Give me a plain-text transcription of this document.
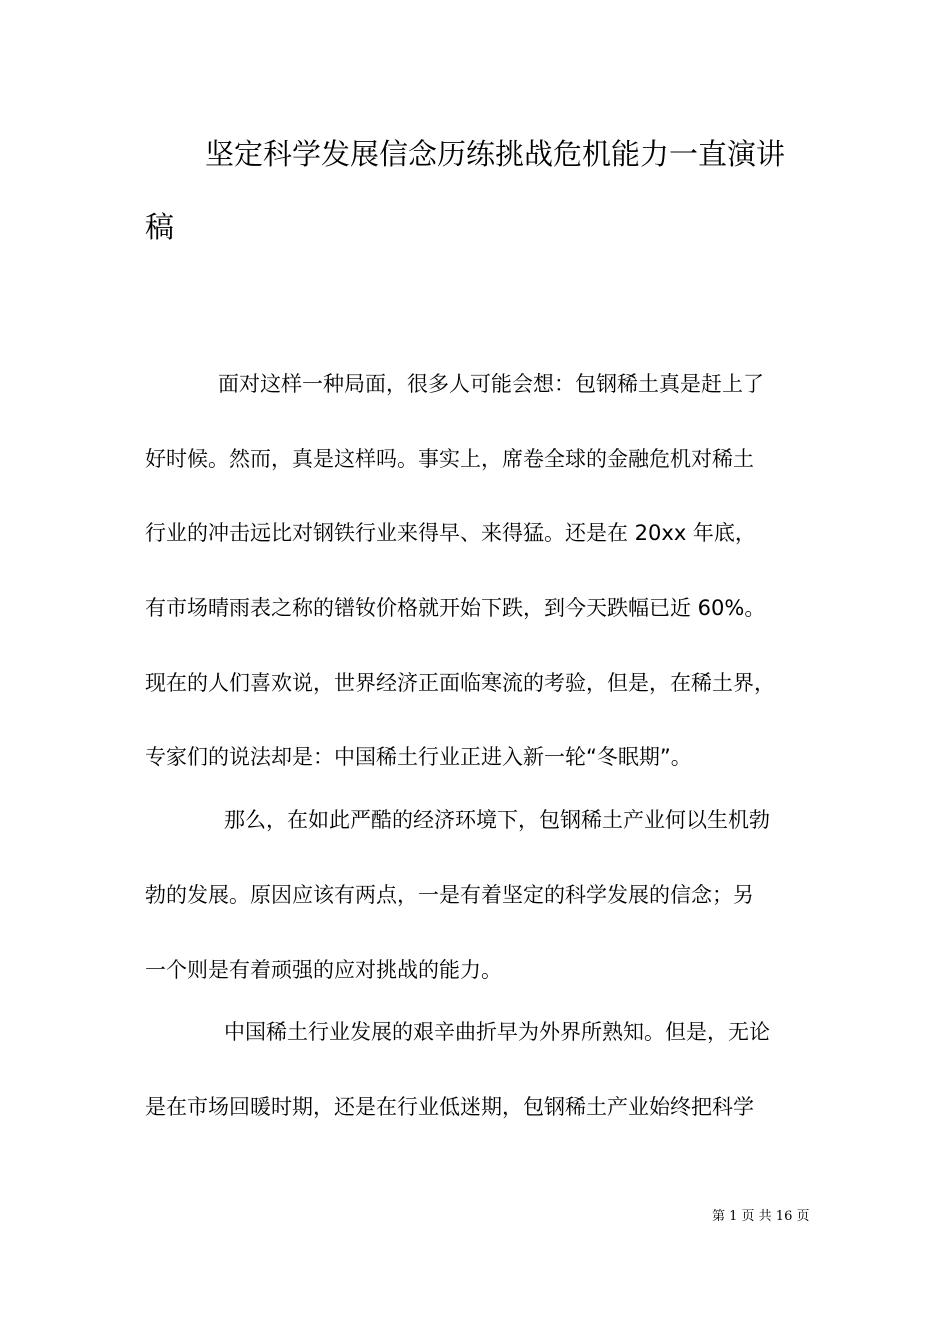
坚定科学发展信念历练挑战危机能力一直演讲
稿
面对这样一种局面，很多人可能会想：包钢稀土真是赶上了
好时候。然而，真是这样吗。事实上，席卷全球的金融危机对稀土
行业的冲击远比对钢铁行业来得早、来得猛。还是在 20xx 年底，
有市场晴雨表之称的镨钕价格就开始下跌，到今天跌幅已近 60%。
现在的人们喜欢说，世界经济正面临寒流的考验，但是，在稀土界，
专家们的说法却是：中国稀土行业正进入新一轮“冬眠期”。
那么，在如此严酷的经济环境下，包钢稀土产业何以生机勃
勃的发展。原因应该有两点，一是有着坚定的科学发展的信念；另
一个则是有着顽强的应对挑战的能力。
中国稀土行业发展的艰辛曲折早为外界所熟知。但是，无论
是在市场回暖时期，还是在行业低迷期，包钢稀土产业始终把科学
第 1 页 共 16 页
